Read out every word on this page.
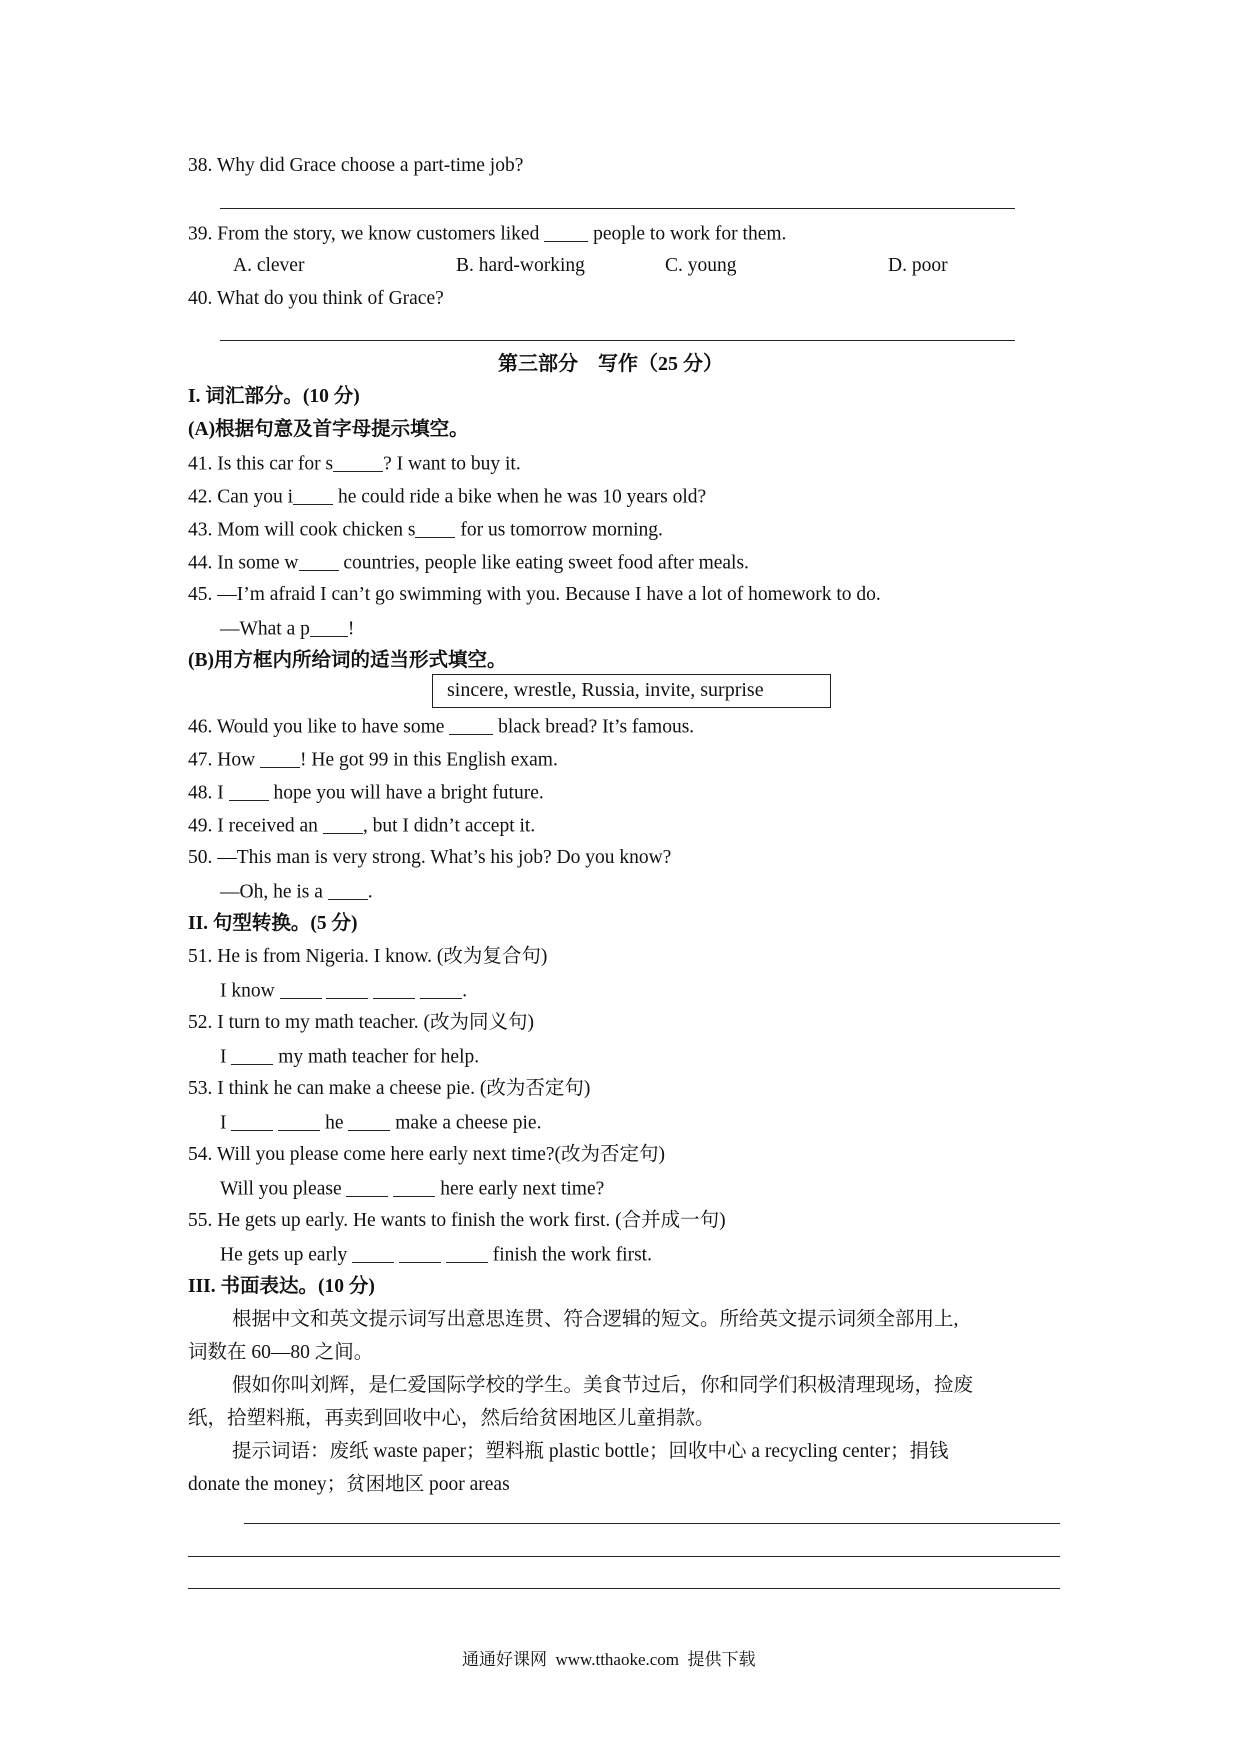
38. Why did Grace choose a part-time job?
39. From the story, we know customers liked	people to work for them.
A. clever	B. hard-working	C. young	D. poor
40. What do you think of Grace?
第三部分　写作（25 分）
I. 词汇部分。(10 分)
(A)根据句意及首字母提示填空。
41. Is this car for s	? I want to buy it.
42. Can you i he could ride a bike when he was 10 years old?
43. Mom will cook chicken s for us tomorrow morning.
44. In some w countries, people like eating sweet food after meals.
45. —I’m afraid I can’t go swimming with you. Because I have a lot of homework to do.
—What a p !
(B)用方框内所给词的适当形式填空。
sincere, wrestle, Russia, invite, surprise
46. Would you like to have some  black bread? It’s famous.
47. How ! He got 99 in this English exam.
48. I  hope you will have a bright future.
49. I received an , but I didn’t accept it.
50. —This man is very strong. What’s his job? Do you know?
—Oh, he is a .
II. 句型转换。(5 分)
51. He is from Nigeria. I know. (改为复合句)
I know	.
52. I turn to my math teacher. (改为同义句)
I	my math teacher for help.
53. I think he can make a cheese pie. (改为否定句)
I	he	make a cheese pie.
54. Will you please come here early next time?(改为否定句)
Will you please	here early next time?
55. He gets up early. He wants to finish the work first. (合并成一句)
He gets up early	finish the work first.
III. 书面表达。(10 分)
根据中文和英文提示词写出意思连贯、符合逻辑的短文。所给英文提示词须全部用上,
词数在 60—80 之间。
假如你叫刘辉，是仁爱国际学校的学生。美食节过后，你和同学们积极清理现场，捡废
纸，拾塑料瓶，再卖到回收中心，然后给贫困地区儿童捐款。
提示词语：废纸 waste paper；塑料瓶 plastic bottle；回收中心 a recycling center；捐钱
donate the money；贫困地区 poor areas
通通好课网  www.tthaoke.com  提供下载
